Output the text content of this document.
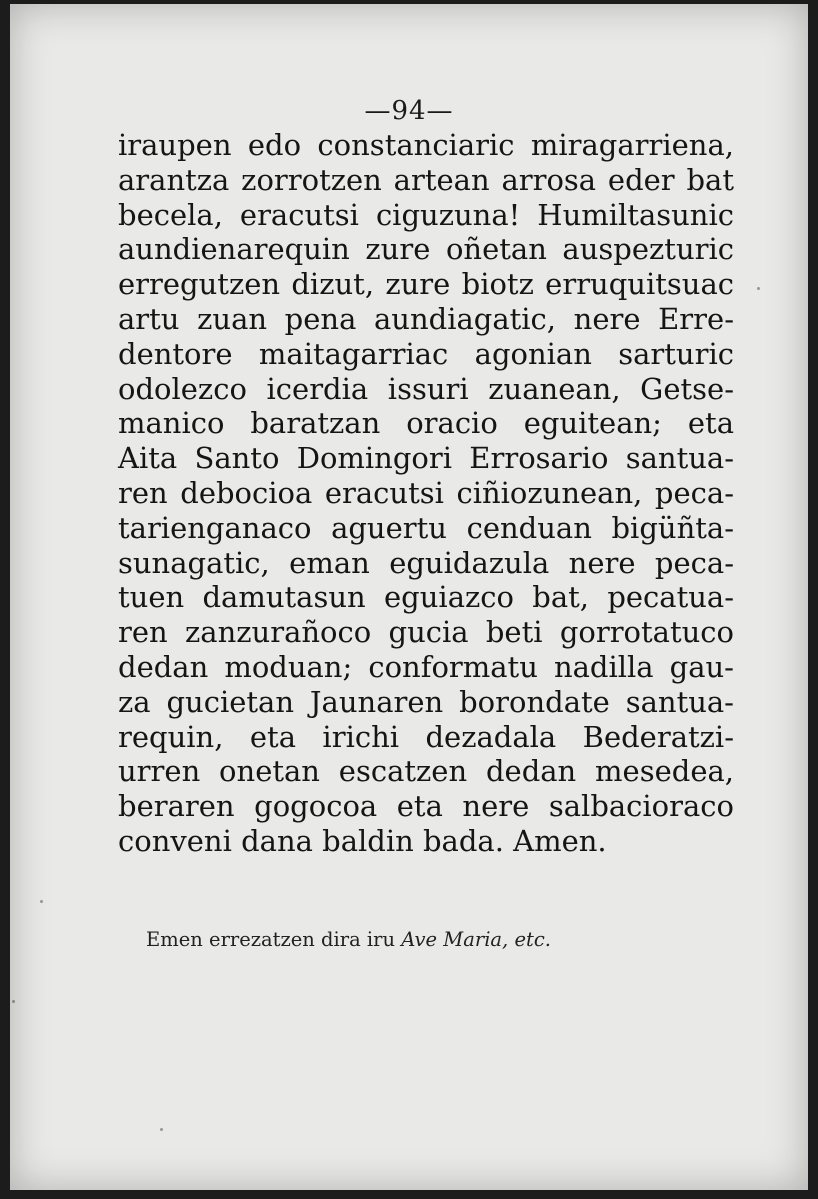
—94—
iraupen edo constanciaric miragarriena,
arantza zorrotzen artean arrosa eder bat
becela, eracutsi ciguzuna! Humiltasunic
aundienarequin zure oñetan auspezturic
erregutzen dizut, zure biotz erruquitsuac
artu zuan pena aundiagatic, nere Erre-
dentore maitagarriac agonian sarturic
odolezco icerdia issuri zuanean, Getse-
manico baratzan oracio eguitean; eta
Aita Santo Domingori Errosario santua-
ren debocioa eracutsi ciñiozunean, peca-
tarienganaco aguertu cenduan bigüñta-
sunagatic, eman eguidazula nere peca-
tuen damutasun eguiazco bat, pecatua-
ren zanzurañoco gucia beti gorrotatuco
dedan moduan; conformatu nadilla gau-
za gucietan Jaunaren borondate santua-
requin, eta irichi dezadala Bederatzi-
urren onetan escatzen dedan mesedea,
beraren gogocoa eta nere salbacioraco
conveni dana baldin bada. Amen.
Emen errezatzen dira iru Ave Maria, etc.
